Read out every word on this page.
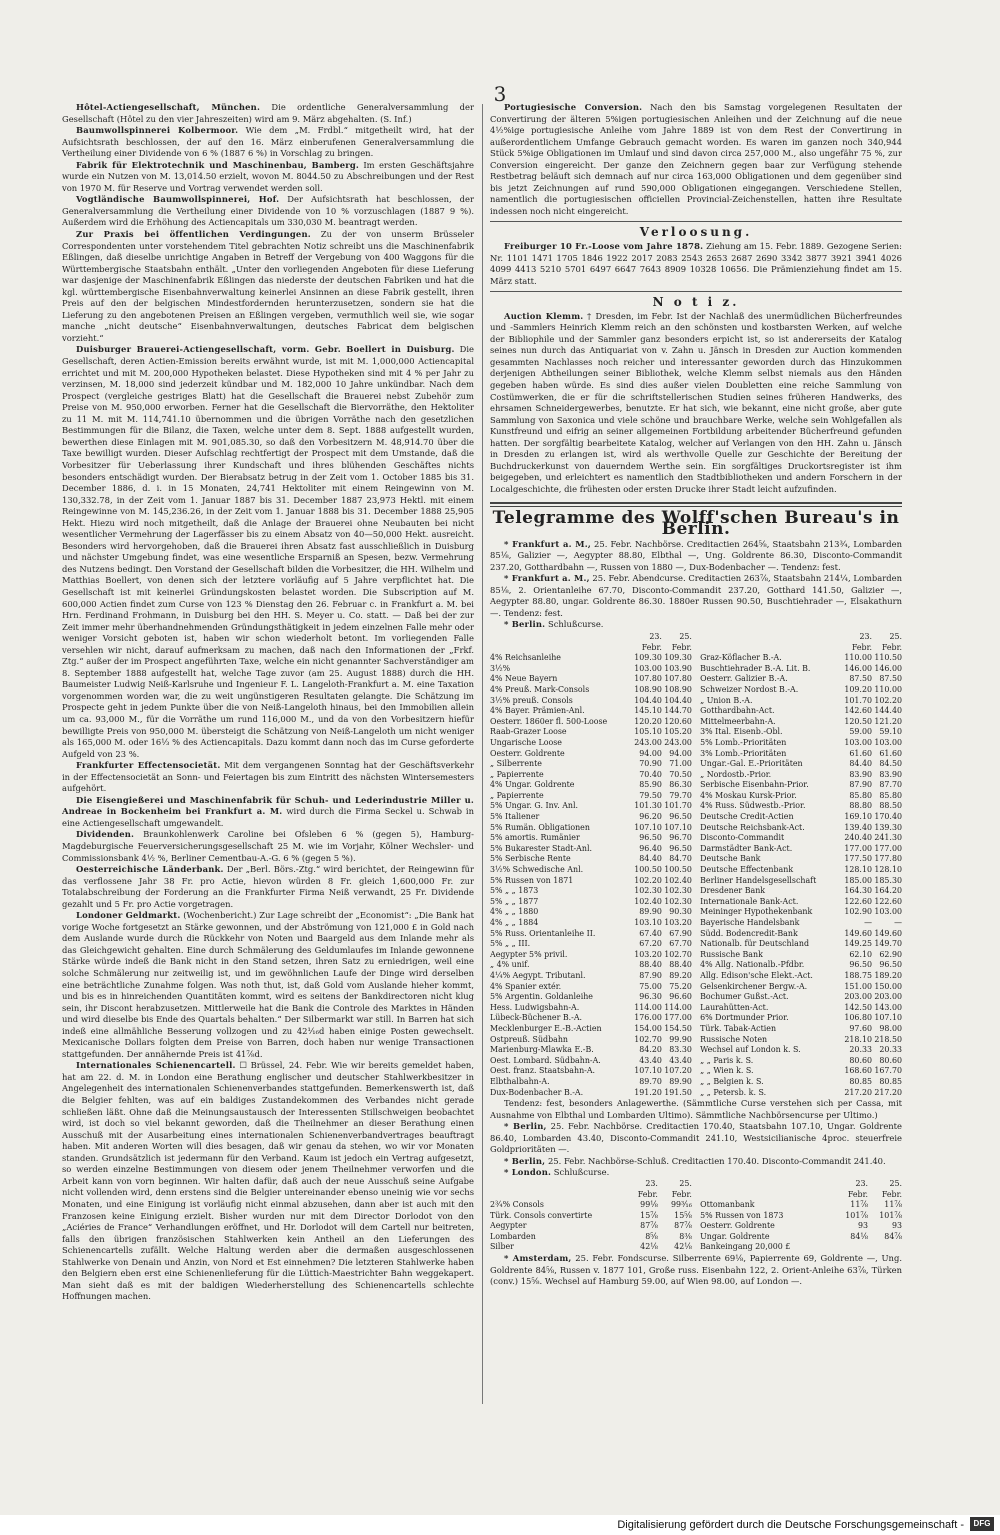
3

Hôtel-Actiengesellschaft, München. Die ordentliche Generalversammlung der Gesellschaft (Hôtel zu den vier Jahreszeiten) wird am 9. März abgehalten. (S. Inf.)

Baumwollspinnerei Kolbermoor. Wie dem „M. Frdbl.“ mitgetheilt wird, hat der Aufsichtsrath beschlossen, der auf den 16. März einberufenen Generalversammlung die Vertheilung einer Dividende von 6 % (1887 6 %) in Vorschlag zu bringen.

Fabrik für Elektrotechnik und Maschinenbau, Bamberg. Im ersten Geschäftsjahre wurde ein Nutzen von M. 13,014.50 erzielt, wovon M. 8044.50 zu Abschreibungen und der Rest von 1970 M. für Reserve und Vortrag verwendet werden soll.

Vogtländische Baumwollspinnerei, Hof. Der Aufsichtsrath hat beschlossen, der Generalversammlung die Vertheilung einer Dividende von 10 % vorzuschlagen (1887 9 %). Außerdem wird die Erhöhung des Actiencapitals um 330,030 M. beantragt werden.

Zur Praxis bei öffentlichen Verdingungen. Zu der von unserm Brüsseler Correspondenten unter vorstehendem Titel gebrachten Notiz schreibt uns die Maschinenfabrik Eßlingen, daß dieselbe unrichtige Angaben in Betreff der Vergebung von 400 Waggons für die Württembergische Staatsbahn enthält. „Unter den vorliegenden Angeboten für diese Lieferung war dasjenige der Maschinenfabrik Eßlingen das niederste der deutschen Fabriken und hat die kgl. württembergische Eisenbahnverwaltung keinerlei Ansinnen an diese Fabrik gestellt, ihren Preis auf den der belgischen Mindestfordernden herunterzusetzen, sondern sie hat die Lieferung zu den angebotenen Preisen an Eßlingen vergeben, vermuthlich weil sie, wie sogar manche „nicht deutsche“ Eisenbahnverwaltungen, deutsches Fabricat dem belgischen vorzieht.“

Duisburger Brauerei-Actiengesellschaft, vorm. Gebr. Boellert in Duisburg. Die Gesellschaft, deren Actien-Emission bereits erwähnt wurde, ist mit M. 1,000,000 Actiencapital errichtet und mit M. 200,000 Hypotheken belastet. Diese Hypotheken sind mit 4 % per Jahr zu verzinsen, M. 18,000 sind jederzeit kündbar und M. 182,000 10 Jahre unkündbar. Nach dem Prospect (vergleiche gestriges Blatt) hat die Gesellschaft die Brauerei nebst Zubehör zum Preise von M. 950,000 erworben. Ferner hat die Gesellschaft die Biervorräthe, den Hektoliter zu 11 M. mit M. 114,741.10 übernommen und die übrigen Vorräthe nach den gesetzlichen Bestimmungen für die Bilanz, die Taxen, welche unter dem 8. Sept. 1888 aufgestellt wurden, bewerthen diese Einlagen mit M. 901,085.30, so daß den Vorbesitzern M. 48,914.70 über die Taxe bewilligt wurden. Dieser Aufschlag rechtfertigt der Prospect mit dem Umstande, daß die Vorbesitzer für Ueberlassung ihrer Kundschaft und ihres blühenden Geschäftes nichts besonders entschädigt wurden. Der Bierabsatz betrug in der Zeit vom 1. October 1885 bis 31. December 1886, d. i. in 15 Monaten, 24,741 Hektoliter mit einem Reingewinn von M. 130,332.78, in der Zeit vom 1. Januar 1887 bis 31. December 1887 23,973 Hektl. mit einem Reingewinne von M. 145,236.26, in der Zeit vom 1. Januar 1888 bis 31. December 1888 25,905 Hekt. Hiezu wird noch mitgetheilt, daß die Anlage der Brauerei ohne Neubauten bei nicht wesentlicher Vermehrung der Lagerfässer bis zu einem Absatz von 40—50,000 Hekt. ausreicht. Besonders wird hervorgehoben, daß die Brauerei ihren Absatz fast ausschließlich in Duisburg und nächster Umgebung findet, was eine wesentliche Ersparniß an Spesen, bezw. Vermehrung des Nutzens bedingt. Den Vorstand der Gesellschaft bilden die Vorbesitzer, die HH. Wilhelm und Matthias Boellert, von denen sich der letztere vorläufig auf 5 Jahre verpflichtet hat. Die Gesellschaft ist mit keinerlei Gründungskosten belastet worden. Die Subscription auf M. 600,000 Actien findet zum Curse von 123 % Dienstag den 26. Februar c. in Frankfurt a. M. bei Hrn. Ferdinand Frohmann, in Duisburg bei den HH. S. Meyer u. Co. statt. — Daß bei der zur Zeit immer mehr überhandnehmenden Gründungsthätigkeit in jedem einzelnen Falle mehr oder weniger Vorsicht geboten ist, haben wir schon wiederholt betont. Im vorliegenden Falle versehlen wir nicht, darauf aufmerksam zu machen, daß nach den Informationen der „Frkf. Ztg.“ außer der im Prospect angeführten Taxe, welche ein nicht genannter Sachverständiger am 8. September 1888 aufgestellt hat, welche Tage zuvor (am 25. August 1888) durch die HH. Baumeister Ludwig Neiß-Karlsruhe und Ingenieur F. L. Langeloth-Frankfurt a. M. eine Taxation vorgenommen worden war, die zu weit ungünstigeren Resultaten gelangte. Die Schätzung im Prospecte geht in jedem Punkte über die von Neiß-Langeloth hinaus, bei den Immobilien allein um ca. 93,000 M., für die Vorräthe um rund 116,000 M., und da von den Vorbesitzern hiefür bewilligte Preis von 950,000 M. übersteigt die Schätzung von Neiß-Langeloth um nicht weniger als 165,000 M. oder 16⅓ % des Actiencapitals. Dazu kommt dann noch das im Curse geforderte Aufgeld von 23 %.

Frankfurter Effectensocietät. Mit dem vergangenen Sonntag hat der Geschäftsverkehr in der Effectensocietät an Sonn- und Feiertagen bis zum Eintritt des nächsten Wintersemesters aufgehört.

Die Eisengießerei und Maschinenfabrik für Schuh- und Lederindustrie Miller u. Andreae in Bockenheim bei Frankfurt a. M. wird durch die Firma Seckel u. Schwab in eine Actiengesellschaft umgewandelt.

Dividenden. Braunkohlenwerk Caroline bei Ofsleben 6 % (gegen 5), Hamburg-Magdeburgische Feuerversicherungsgesellschaft 25 M. wie im Vorjahr, Kölner Wechsler- und Commissionsbank 4½ %, Berliner Cementbau-A.-G. 6 % (gegen 5 %).

Oesterreichische Länderbank. Der „Berl. Börs.-Ztg.“ wird berichtet, der Reingewinn für das verflossene Jahr 38 Fr. pro Actie, hievon würden 8 Fr. gleich 1,600,000 Fr. zur Totalabschreibung der Forderung an die Frankfurter Firma Neiß verwandt, 25 Fr. Dividende gezahlt und 5 Fr. pro Actie vorgetragen.

Londoner Geldmarkt. (Wochenbericht.) Zur Lage schreibt der „Economist“: „Die Bank hat vorige Woche fortgesetzt an Stärke gewonnen, und der Abströmung von 121,000 £ in Gold nach dem Auslande wurde durch die Rückkehr von Noten und Baargeld aus dem Inlande mehr als das Gleichgewicht gehalten. Eine durch Schmälerung des Geldumlaufes im Inlande gewonnene Stärke würde indeß die Bank nicht in den Stand setzen, ihren Satz zu erniedrigen, weil eine solche Schmälerung nur zeitweilig ist, und im gewöhnlichen Laufe der Dinge wird derselben eine beträchtliche Zunahme folgen. Was noth thut, ist, daß Gold vom Auslande hieher kommt, und bis es in hinreichenden Quantitäten kommt, wird es seitens der Bankdirectoren nicht klug sein, ihr Discont herabzusetzen. Mittlerweile hat die Bank die Controle des Marktes in Händen und wird dieselbe bis Ende des Quartals behalten.“ Der Silbermarkt war still. In Barren hat sich indeß eine allmähliche Besserung vollzogen und zu 42¹⁄₁₆d haben einige Posten gewechselt. Mexicanische Dollars folgten dem Preise von Barren, doch haben nur wenige Transactionen stattgefunden. Der annähernde Preis ist 41⅞d.

Internationales Schienencartell. ☐ Brüssel, 24. Febr. Wie wir bereits gemeldet haben, hat am 22. d. M. in London eine Berathung englischer und deutscher Stahlwerkbesitzer in Angelegenheit des internationalen Schienenverbandes stattgefunden. Bemerkenswerth ist, daß die Belgier fehlten, was auf ein baldiges Zustandekommen des Verbandes nicht gerade schließen läßt. Ohne daß die Meinungsaustausch der Interessenten Stillschweigen beobachtet wird, ist doch so viel bekannt geworden, daß die Theilnehmer an dieser Berathung einen Ausschuß mit der Ausarbeitung eines internationalen Schienenverbandvertrages beauftragt haben. Mit anderen Worten will dies besagen, daß wir genau da stehen, wo wir vor Monaten standen. Grundsätzlich ist jedermann für den Verband. Kaum ist jedoch ein Vertrag aufgesetzt, so werden einzelne Bestimmungen von diesem oder jenem Theilnehmer verworfen und die Arbeit kann von vorn beginnen. Wir halten dafür, daß auch der neue Ausschuß seine Aufgabe nicht vollenden wird, denn erstens sind die Belgier untereinander ebenso uneinig wie vor sechs Monaten, und eine Einigung ist vorläufig nicht einmal abzusehen, dann aber ist auch mit den Franzosen keine Einigung erzielt. Bisher wurden nur mit dem Director Dorlodot von den „Aciéries de France“ Verhandlungen eröffnet, und Hr. Dorlodot will dem Cartell nur beitreten, falls den übrigen französischen Stahlwerken kein Antheil an den Lieferungen des Schienencartells zufällt. Welche Haltung werden aber die dermaßen ausgeschlossenen Stahlwerke von Denain und Anzin, von Nord et Est einnehmen? Die letzteren Stahlwerke haben den Belgiern eben erst eine Schienenlieferung für die Lüttich-Maestrichter Bahn weggekapert. Man sieht daß es mit der baldigen Wiederherstellung des Schienencartells schlechte Hoffnungen machen.

Portugiesische Conversion. Nach den bis Samstag vorgelegenen Resultaten der Convertirung der älteren 5%igen portugiesischen Anleihen und der Zeichnung auf die neue 4½%ige portugiesische Anleihe vom Jahre 1889 ist von dem Rest der Convertirung in außerordentlichem Umfange Gebrauch gemacht worden. Es waren im ganzen noch 340,944 Stück 5%ige Obligationen im Umlauf und sind davon circa 257,000 M., also ungefähr 75 %, zur Conversion eingereicht. Der ganze den Zeichnern gegen baar zur Verfügung stehende Restbetrag beläuft sich demnach auf nur circa 163,000 Obligationen und dem gegenüber sind bis jetzt Zeichnungen auf rund 590,000 Obligationen eingegangen. Verschiedene Stellen, namentlich die portugiesischen officiellen Provincial-Zeichenstellen, hatten ihre Resultate indessen noch nicht eingereicht.

Verloosung.

Freiburger 10 Fr.-Loose vom Jahre 1878. Ziehung am 15. Febr. 1889. Gezogene Serien: Nr. 1101 1471 1705 1846 1922 2017 2083 2543 2653 2687 2690 3342 3877 3921 3941 4026 4099 4413 5210 5701 6497 6647 7643 8909 10328 10656. Die Prämienziehung findet am 15. März statt.

N o t i z.

Auction Klemm. † Dresden, im Febr. Ist der Nachlaß des unermüdlichen Bücherfreundes und -Sammlers Heinrich Klemm reich an den schönsten und kostbarsten Werken, auf welche der Bibliophile und der Sammler ganz besonders erpicht ist, so ist andererseits der Katalog seines nun durch das Antiquariat von v. Zahn u. Jänsch in Dresden zur Auction kommenden gesammten Nachlasses noch reicher und interessanter geworden durch das Hinzukommen derjenigen Abtheilungen seiner Bibliothek, welche Klemm selbst niemals aus den Händen gegeben haben würde. Es sind dies außer vielen Doubletten eine reiche Sammlung von Costümwerken, die er für die schriftstellerischen Studien seines früheren Handwerks, des ehrsamen Schneidergewerbes, benutzte. Er hat sich, wie bekannt, eine nicht große, aber gute Sammlung von Saxonica und viele schöne und brauchbare Werke, welche sein Wohlgefallen als Kunstfreund und eifrig an seiner allgemeinen Fortbildung arbeitender Bücherfreund gefunden hatten. Der sorgfältig bearbeitete Katalog, welcher auf Verlangen von den HH. Zahn u. Jänsch in Dresden zu erlangen ist, wird als werthvolle Quelle zur Geschichte der Bereitung der Buchdruckerkunst von dauerndem Werthe sein. Ein sorgfältiges Druckortsregister ist ihm beigegeben, und erleichtert es namentlich den Stadtbibliotheken und andern Forschern in der Localgeschichte, die frühesten oder ersten Drucke ihrer Stadt leicht aufzufinden.

Telegramme des Wolff'schen Bureau's in Berlin.

* Frankfurt a. M., 25. Febr. Nachbörse. Creditactien 264⅝, Staatsbahn 213¾, Lombarden 85⅛, Galizier —, Aegypter 88.80, Elbthal —, Ung. Goldrente 86.30, Disconto-Commandit 237.20, Gotthardbahn —, Russen von 1880 —, Dux-Bodenbacher —. Tendenz: fest.

* Frankfurt a. M., 25. Febr. Abendcurse. Creditactien 263⅞, Staatsbahn 214¼, Lombarden 85⅛, 2. Orientanleihe 67.70, Disconto-Commandit 237.20, Gotthard 141.50, Galizier —, Aegypter 88.80, ungar. Goldrente 86.30. 1880er Russen 90.50, Buschtiehrader —, Elsakathurn —. Tendenz: fest.

* Berlin. Schlußcurse.

	23. Febr.	25. Febr.
4% Reichsanleihe	109.30	109.30
3½%	103.00	103.90
4% Neue Bayern	107.80	107.80
4% Preuß. Mark-Consols	108.90	108.90
3½% preuß. Consols	104.40	104.40
4% Bayer. Prämien-Anl.	145.10	144.70
Oesterr. 1860er fl. 500-Loose	120.20	120.60
Raab-Grazer Loose	105.10	105.20
Ungarische Loose	243.00	243.00
Oesterr. Goldrente	94.00	94.00
„ Silberrente	70.90	71.00
„ Papierrente	70.40	70.50
4% Ungar. Goldrente	85.90	86.30
„ Papierrente	79.50	79.70
5% Ungar. G. Inv. Anl.	101.30	101.70
5% Italiener	96.20	96.50
5% Rumän. Obligationen	107.10	107.10
5% amortis. Rumänier	96.50	96.70
5% Bukarester Stadt-Anl.	96.40	96.50
5% Serbische Rente	84.40	84.70
3½% Schwedische Anl.	100.50	100.50
5% Russen von 1871	102.20	102.40
5% „ „ 1873	102.30	102.30
5% „ „ 1877	102.40	102.30
4% „ „ 1880	89.90	90.30
4% „ „ 1884	103.10	103.20
5% Russ. Orientanleihe II.	67.40	67.90
5% „ „ III.	67.20	67.70
Aegypter 5% privil.	103.20	102.70
„ 4% unif.	88.40	88.40
4¼% Aegypt. Tributanl.	87.90	89.20
4% Spanier extér.	75.00	75.20
5% Argentin. Goldanleihe	96.30	96.60
Hess. Ludwigsbahn-A.	114.00	114.00
Lübeck-Büchener B.-A.	176.00	177.00
Mecklenburger E.-B.-Actien	154.00	154.50
Ostpreuß. Südbahn	102.70	99.90
Marienburg-Mlawka E.-B.	84.20	83.30
Oest. Lombard. Südbahn-A.	43.40	43.40
Oest. franz. Staatsbahn-A.	107.10	107.20
Elbthalbahn-A.	89.70	89.90
Dux-Bodenbacher B.-A.	191.20	191.50
	23. Febr.	25. Febr.
Graz-Köflacher B.-A.	110.00	110.50
Buschtiehrader B.-A. Lit. B.	146.00	146.00
Oesterr. Galizier B.-A.	87.50	87.50
Schweizer Nordost B.-A.	109.20	110.00
„ Union B.-A.	101.70	102.20
Gotthardbahn-Act.	142.60	144.40
Mittelmeerbahn-A.	120.50	121.20
3% Ital. Eisenb.-Obl.	59.00	59.10
5% Lomb.-Prioritäten	103.00	103.00
3% Lomb.-Prioritäten	61.60	61.60
Ungar.-Gal. E.-Prioritäten	84.40	84.50
„ Nordostb.-Prior.	83.90	83.90
Serbische Eisenbahn-Prior.	87.90	87.70
4% Moskau Kursk-Prior.	85.80	85.80
4% Russ. Südwestb.-Prior.	88.80	88.50
Deutsche Credit-Actien	169.10	170.40
Deutsche Reichsbank-Act.	139.40	139.30
Disconto-Commandit	240.40	241.30
Darmstädter Bank-Act.	177.00	177.00
Deutsche Bank	177.50	177.80
Deutsche Effectenbank	128.10	128.10
Berliner Handelsgesellschaft	185.00	185.30
Dresdener Bank	164.30	164.20
Internationale Bank-Act.	122.60	122.60
Meininger Hypothekenbank	102.90	103.00
Bayerische Handelsbank	—	—
Südd. Bodencredit-Bank	149.60	149.60
Nationalb. für Deutschland	149.25	149.70
Russische Bank	62.10	62.90
4% Allg. Nationalb.-Pfdbr.	96.50	96.50
Allg. Edison'sche Elekt.-Act.	188.75	189.20
Gelsenkirchener Bergw.-A.	151.00	150.00
Bochumer Gußst.-Act.	203.00	203.00
Laurahütten-Act.	142.50	143.00
6% Dortmunder Prior.	106.80	107.10
Türk. Tabak-Actien	97.60	98.00
Russische Noten	218.10	218.50
Wechsel auf London k. S.	20.33	20.33
„ „ Paris k. S.	80.60	80.60
„ „ Wien k. S.	168.60	167.70
„ „ Belgien k. S.	80.85	80.85
„ „ Petersb. k. S.	217.20	217.20

Tendenz: fest, besonders Anlagewerthe. (Sämmtliche Curse verstehen sich per Cassa, mit Ausnahme von Elbthal und Lombarden Ultimo). Sämmtliche Nachbörsencurse per Ultimo.)

* Berlin, 25. Febr. Nachbörse. Creditactien 170.40, Staatsbahn 107.10, Ungar. Goldrente 86.40, Lombarden 43.40, Disconto-Commandit 241.10, Westsicilianische 4proc. steuerfreie Goldprioritäten —.

* Berlin, 25. Febr. Nachbörse-Schluß. Creditactien 170.40. Disconto-Commandit 241.40.

* London. Schlußcurse.

	23. Febr.	25. Febr.
2¾% Consols	99⅛	99³⁄₁₆
Türk. Consols convertirte	15⅞	15⅝
Aegypter	87⅞	87⅞
Lombarden	8⅝	8⅜
Silber	42⅛	42⅛
	23. Febr.	25. Febr.
Ottomanbank	11⅞	11⅞
5% Russen von 1873	101⅞	101⅞
Oesterr. Goldrente	93	93
Ungar. Goldrente	84⅛	84⅞
Bankeingang 20,000 £		

* Amsterdam, 25. Febr. Fondscurse. Silberrente 69⅛, Papierrente 69, Goldrente —, Ung. Goldrente 84⅝, Russen v. 1877 101, Große russ. Eisenbahn 122, 2. Orient-Anleihe 63⅞, Türken (conv.) 15⅝. Wechsel auf Hamburg 59.00, auf Wien 98.00, auf London —.

Digitalisierung gefördert durch die Deutsche Forschungsgemeinschaft -	DFG
